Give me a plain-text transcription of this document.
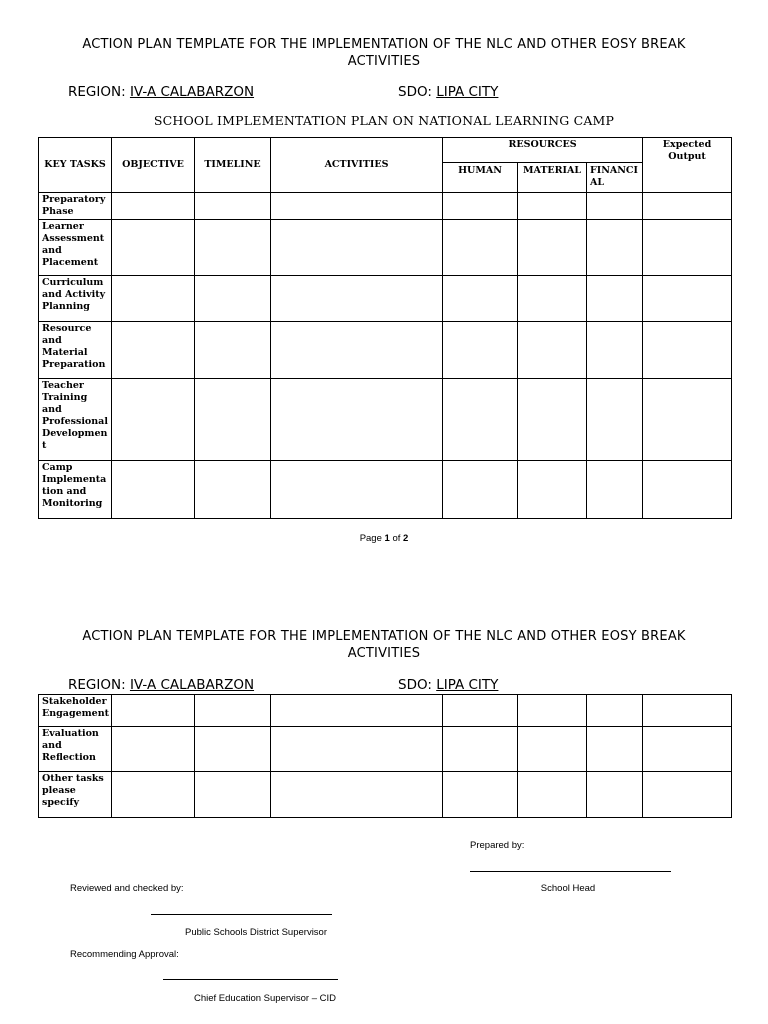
ACTION PLAN TEMPLATE FOR THE IMPLEMENTATION OF THE NLC AND OTHER EOSY BREAK ACTIVITIES
REGION: IV-A CALABARZON	SDO: LIPA CITY
SCHOOL IMPLEMENTATION PLAN ON NATIONAL LEARNING CAMP
KEY TASKS	OBJECTIVE	TIMELINE	ACTIVITIES	RESOURCES			Expected Output
				HUMAN	MATERIAL	FINANCI AL	
Preparatory Phase							
Learner Assessment and Placement							
Curriculum and Activity Planning							
Resource and Material Preparation							
Teacher Training and Professional Developmen t							
Camp Implementa tion and Monitoring							
Page 1 of 2
ACTION PLAN TEMPLATE FOR THE IMPLEMENTATION OF THE NLC AND OTHER EOSY BREAK ACTIVITIES
REGION: IV-A CALABARZON	SDO: LIPA CITY
Stakeholder Engagement							
Evaluation and Reflection							
Other tasks please specify							
Prepared by:
School Head
Reviewed and checked by:
Public Schools District Supervisor
Recommending Approval:
Chief Education Supervisor – CID
